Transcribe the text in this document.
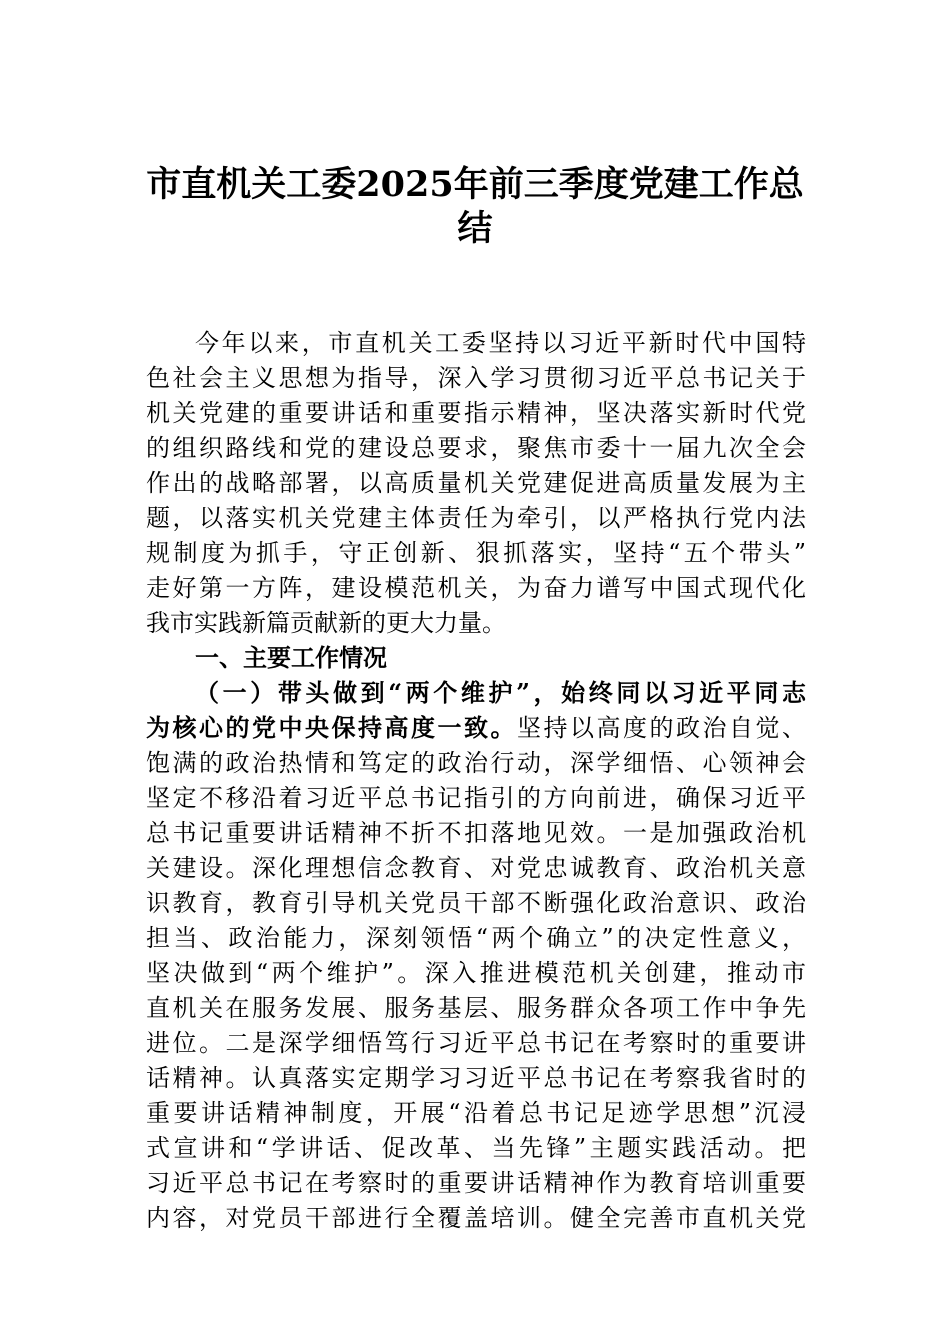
市直机关工委2025年前三季度党建工作总
结
今年以来，市直机关工委坚持以习近平新时代中国特
色社会主义思想为指导，深入学习贯彻习近平总书记关于
机关党建的重要讲话和重要指示精神，坚决落实新时代党
的组织路线和党的建设总要求，聚焦市委十一届九次全会
作出的战略部署，以高质量机关党建促进高质量发展为主
题，以落实机关党建主体责任为牵引，以严格执行党内法
规制度为抓手，守正创新、狠抓落实，坚持“五个带头”
走好第一方阵，建设模范机关，为奋力谱写中国式现代化
我市实践新篇贡献新的更大力量。
一、主要工作情况
（一）带头做到“两个维护”，始终同以习近平同志
为核心的党中央保持高度一致。坚持以高度的政治自觉、
饱满的政治热情和笃定的政治行动，深学细悟、心领神会
坚定不移沿着习近平总书记指引的方向前进，确保习近平
总书记重要讲话精神不折不扣落地见效。一是加强政治机
关建设。深化理想信念教育、对党忠诚教育、政治机关意
识教育，教育引导机关党员干部不断强化政治意识、政治
担当、政治能力，深刻领悟“两个确立”的决定性意义，
坚决做到“两个维护”。深入推进模范机关创建，推动市
直机关在服务发展、服务基层、服务群众各项工作中争先
进位。二是深学细悟笃行习近平总书记在考察时的重要讲
话精神。认真落实定期学习习近平总书记在考察我省时的
重要讲话精神制度，开展“沿着总书记足迹学思想”沉浸
式宣讲和“学讲话、促改革、当先锋”主题实践活动。把
习近平总书记在考察时的重要讲话精神作为教育培训重要
内容，对党员干部进行全覆盖培训。健全完善市直机关党
